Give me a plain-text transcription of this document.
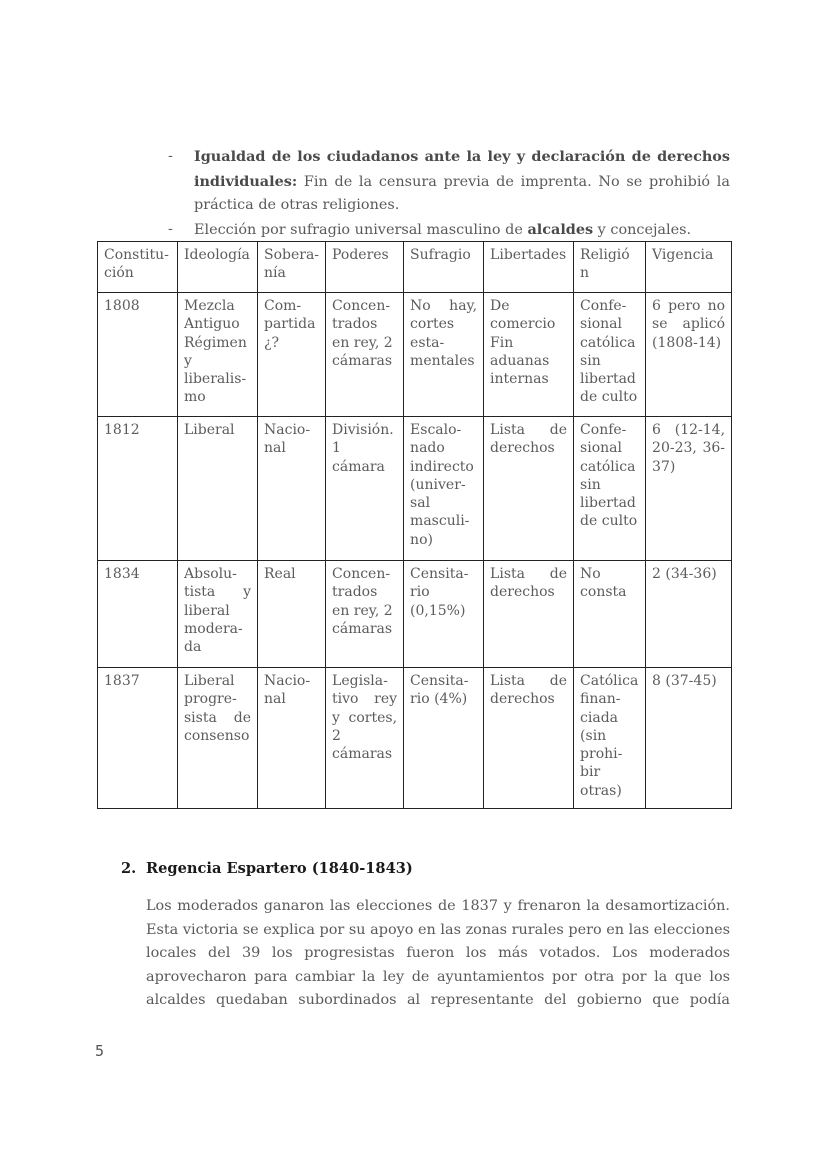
- Igualdad de los ciudadanos ante la ley y declaración de derechos individuales: Fin de la censura previa de imprenta. No se prohibió la práctica de otras religiones.
- Elección por sufragio universal masculino de alcaldes y concejales.
Constitu-ción	Ideología	Sobera-nía	Poderes	Sufragio	Libertades	Religió n	Vigencia
1808	Mezcla Antiguo Régimen y liberalis-mo	Com-partida ¿?	Concen-trados en rey, 2 cámaras	No hay, cortes esta-mentales	De comercio Fin aduanas internas	Confe-sional católica sin libertad de culto	6 pero no se aplicó (1808-14)
1812	Liberal	Nacio-nal	División. 1 cámara	Escalo-nado indirecto (univer-sal masculi-no)	Lista de derechos	Confe-sional católica sin libertad de culto	6 (12-14, 20-23, 36-37)
1834	Absolu-tista y liberal modera-da	Real	Concen-trados en rey, 2 cámaras	Censita-rio (0,15%)	Lista de derechos	No consta	2 (34-36)
1837	Liberal progre-sista de consenso	Nacio-nal	Legisla-tivo rey y cortes, 2 cámaras	Censita-rio (4%)	Lista de derechos	Católica finan-ciada (sin prohi-bir otras)	8 (37-45)
2. Regencia Espartero (1840-1843)
Los moderados ganaron las elecciones de 1837 y frenaron la desamortización. Esta victoria se explica por su apoyo en las zonas rurales pero en las elecciones locales del 39 los progresistas fueron los más votados. Los moderados aprovecharon para cambiar la ley de ayuntamientos por otra por la que los alcaldes quedaban subordinados al representante del gobierno que podía
5
